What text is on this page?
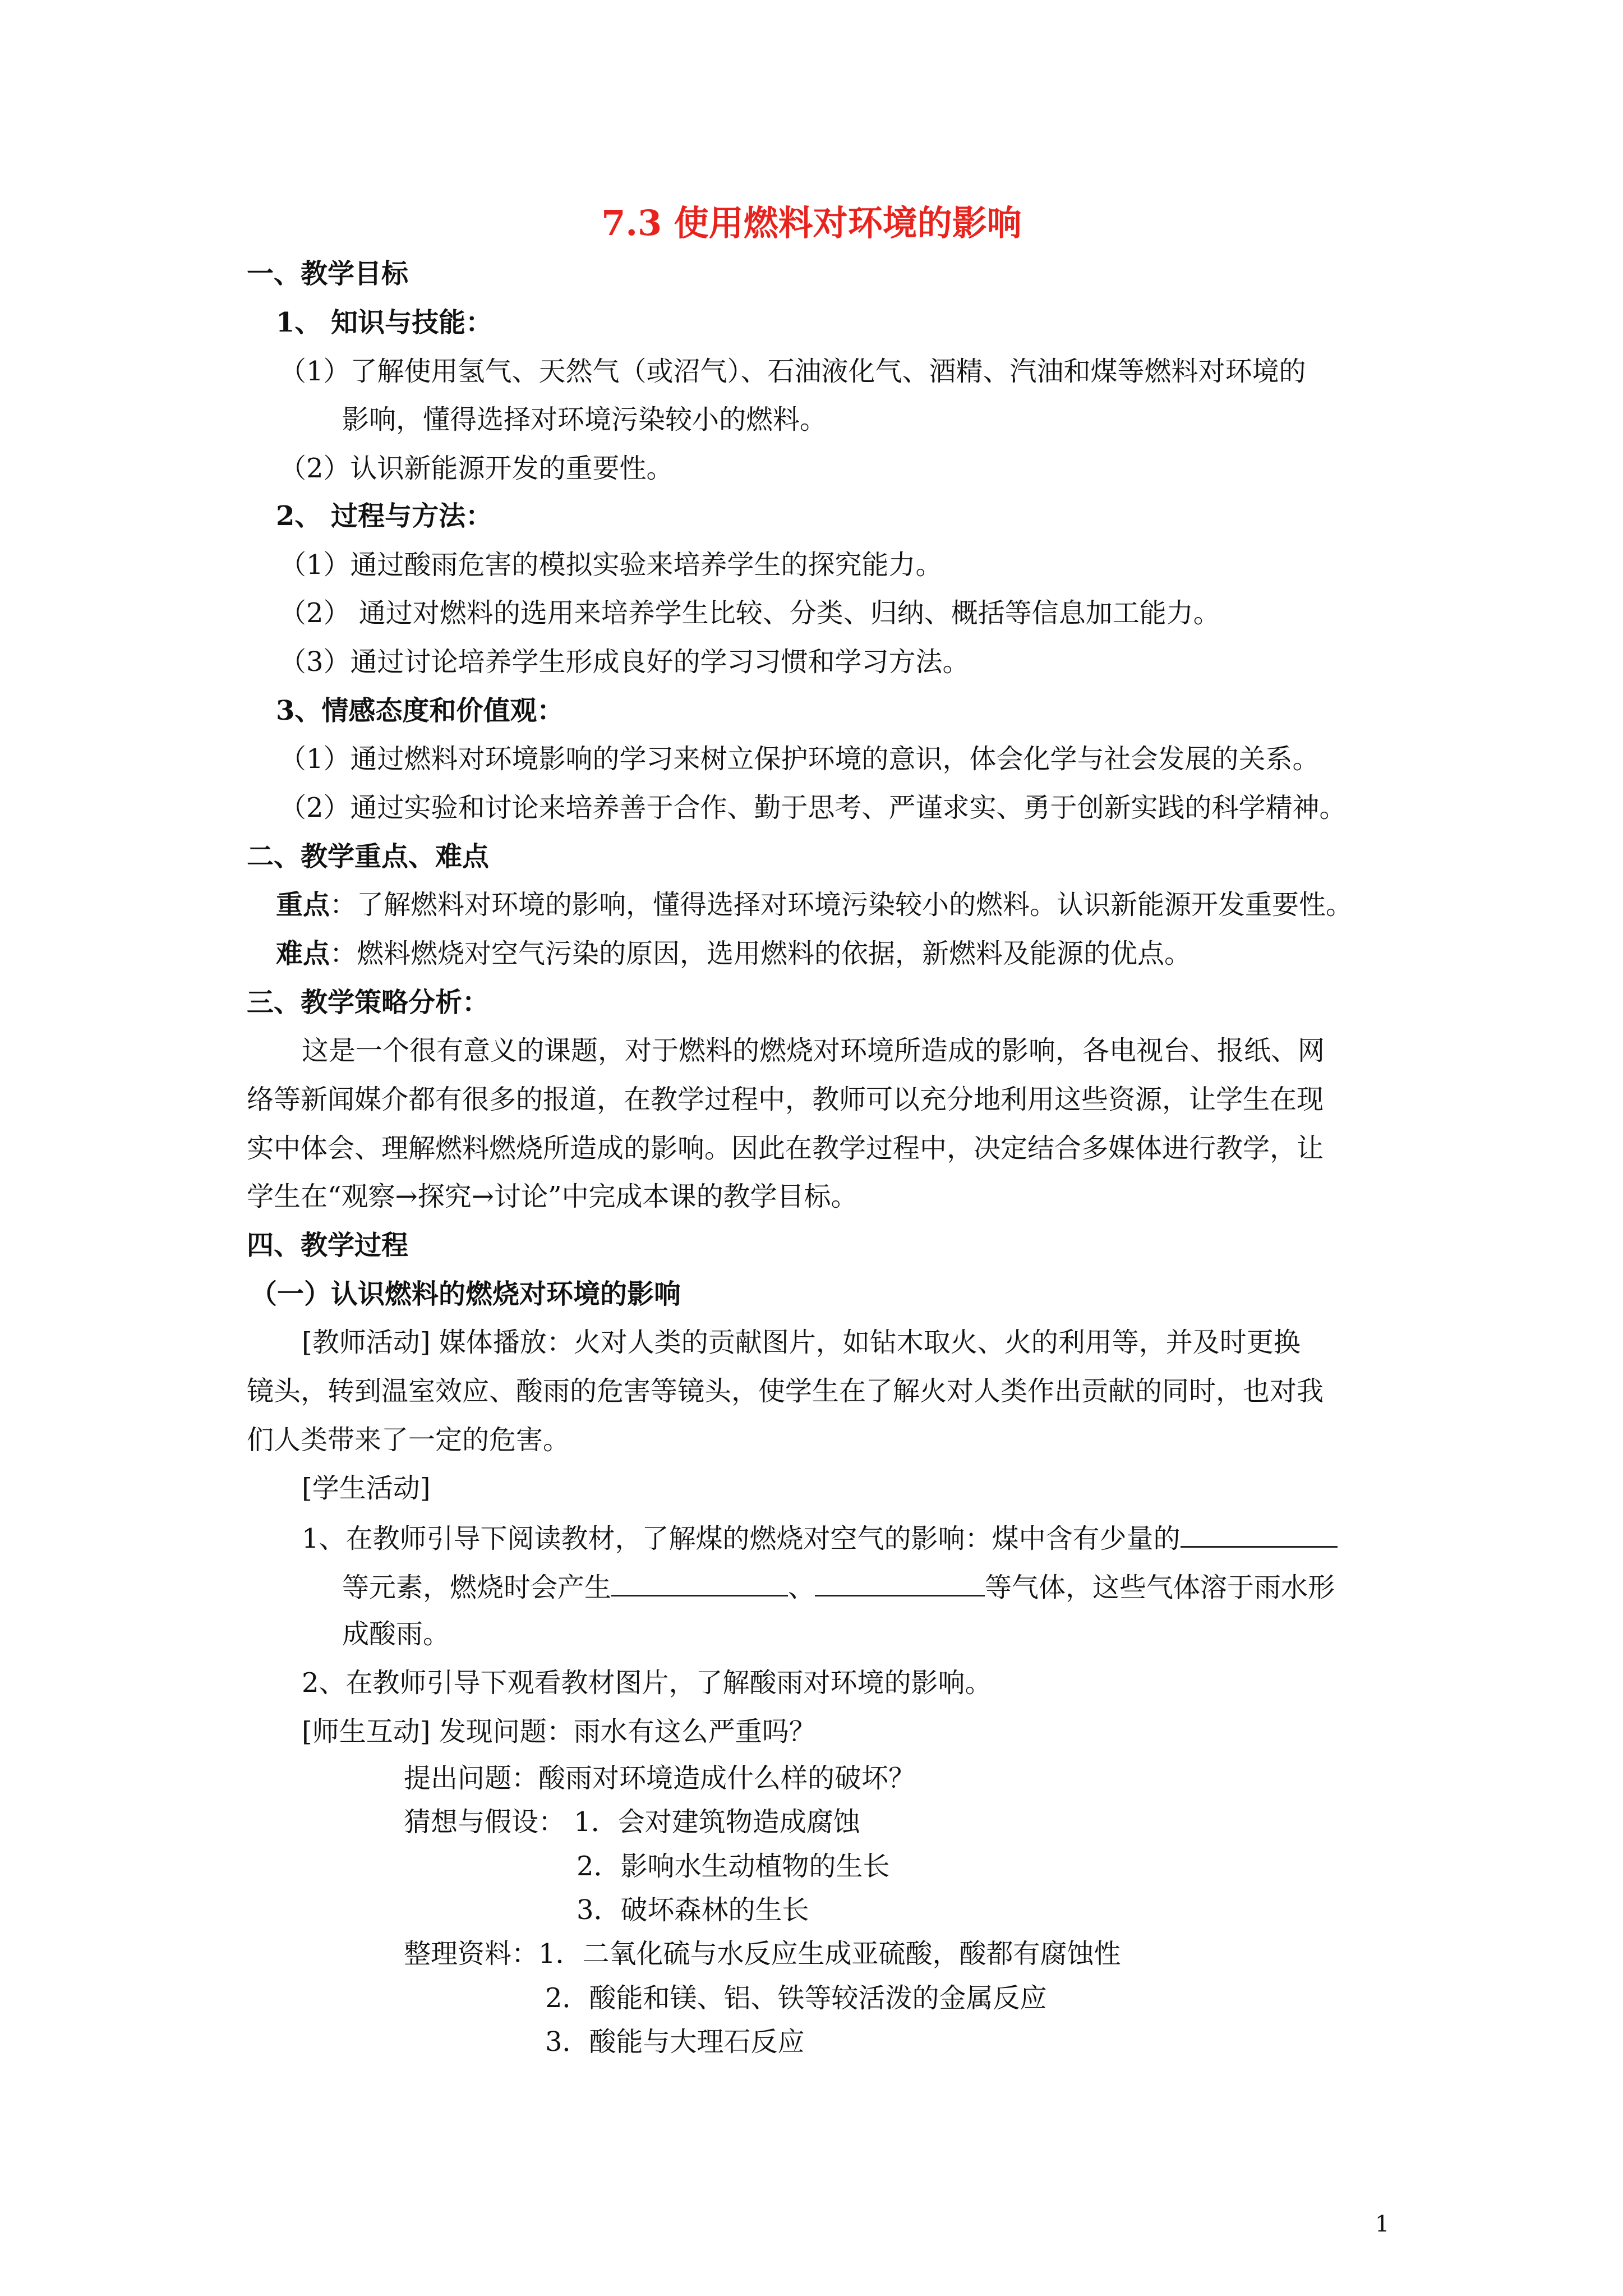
7.3 使用燃料对环境的影响
一、教学目标
1、 知识与技能：
（1）了解使用氢气、天然气（或沼气）、石油液化气、酒精、汽油和煤等燃料对环境的
影响，懂得选择对环境污染较小的燃料。
（2）认识新能源开发的重要性。
2、 过程与方法：
（1）通过酸雨危害的模拟实验来培养学生的探究能力。
（2） 通过对燃料的选用来培养学生比较、分类、归纳、概括等信息加工能力。
（3）通过讨论培养学生形成良好的学习习惯和学习方法。
3、情感态度和价值观：
（1）通过燃料对环境影响的学习来树立保护环境的意识，体会化学与社会发展的关系。
（2）通过实验和讨论来培养善于合作、勤于思考、严谨求实、勇于创新实践的科学精神。
二、教学重点、难点
重点：了解燃料对环境的影响，懂得选择对环境污染较小的燃料。认识新能源开发重要性。
难点：燃料燃烧对空气污染的原因，选用燃料的依据，新燃料及能源的优点。
三、教学策略分析：
这是一个很有意义的课题，对于燃料的燃烧对环境所造成的影响，各电视台、报纸、网
络等新闻媒介都有很多的报道，在教学过程中，教师可以充分地利用这些资源，让学生在现
实中体会、理解燃料燃烧所造成的影响。因此在教学过程中，决定结合多媒体进行教学，让
学生在“观察→探究→讨论”中完成本课的教学目标。
四、教学过程
（一）认识燃料的燃烧对环境的影响
[教师活动] 媒体播放：火对人类的贡献图片，如钻木取火、火的利用等，并及时更换
镜头，转到温室效应、酸雨的危害等镜头，使学生在了解火对人类作出贡献的同时，也对我
们人类带来了一定的危害。
[学生活动]
1、在教师引导下阅读教材，了解煤的燃烧对空气的影响：煤中含有少量的
等元素，燃烧时会产生	、	等气体，这些气体溶于雨水形
成酸雨。
2、在教师引导下观看教材图片，了解酸雨对环境的影响。
[师生互动] 发现问题：雨水有这么严重吗？
提出问题：酸雨对环境造成什么样的破坏？
猜想与假设： 1．会对建筑物造成腐蚀
2．影响水生动植物的生长
3．破坏森林的生长
整理资料：1．二氧化硫与水反应生成亚硫酸，酸都有腐蚀性
2．酸能和镁、铝、铁等较活泼的金属反应
3．酸能与大理石反应
1
